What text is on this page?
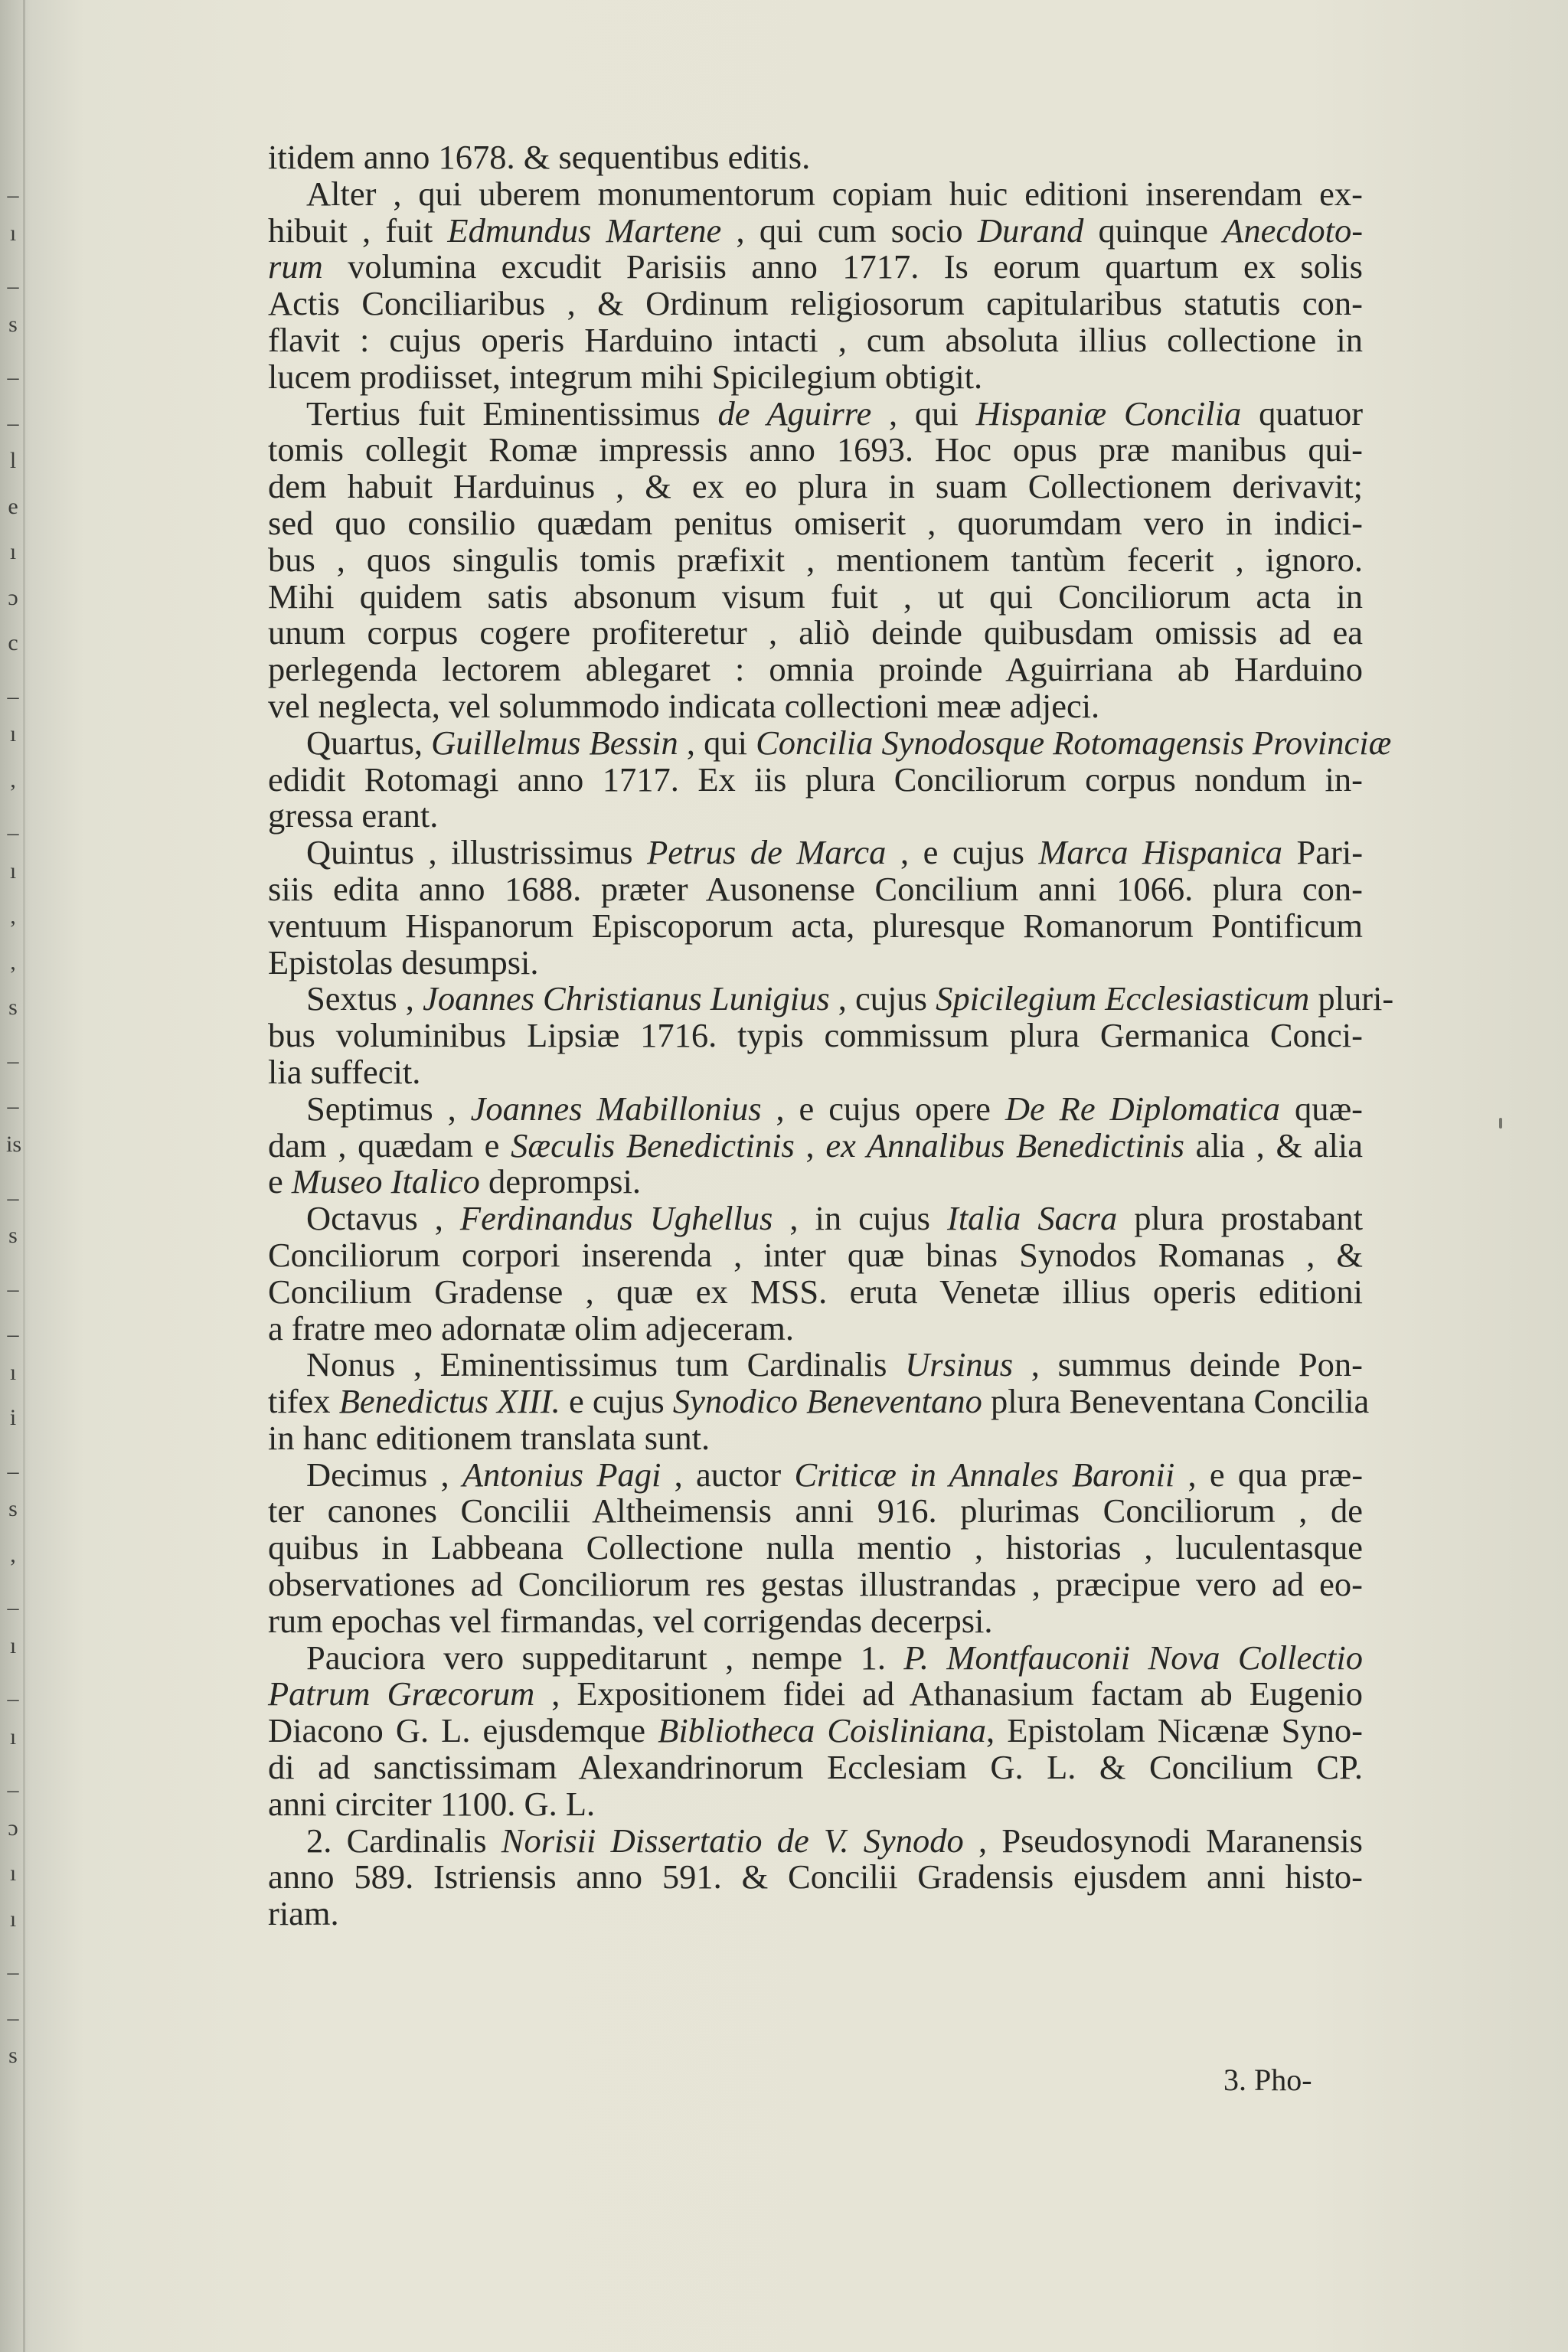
_
ı
_
s
_
_
l
e
ı
ɔ
c
_
ı
,
_
ı
,
,
s
_
_
is
_
s
_
_
ı
i
_
s
,
_
ı
_
ı
_
ɔ
ı
ı
_
_
s
itidem anno 1678. & sequentibus editis.
Alter , qui uberem monumentorum copiam huic editioni inserendam ex-
hibuit , fuit Edmundus Martene , qui cum socio Durand quinque Anecdoto-
rum volumina excudit Parisiis anno 1717. Is eorum quartum ex solis
Actis Conciliaribus , & Ordinum religiosorum capitularibus statutis con-
flavit : cujus operis Harduino intacti , cum absoluta illius collectione in
lucem prodiisset, integrum mihi Spicilegium obtigit.
Tertius fuit Eminentissimus de Aguirre , qui Hispaniæ Concilia quatuor
tomis collegit Romæ impressis anno 1693. Hoc opus præ manibus qui-
dem habuit Harduinus , & ex eo plura in suam Collectionem derivavit;
sed quo consilio quædam penitus omiserit , quorumdam vero in indici-
bus , quos singulis tomis præfixit , mentionem tantùm fecerit , ignoro.
Mihi quidem satis absonum visum fuit , ut qui Conciliorum acta in
unum corpus cogere profiteretur , aliò deinde quibusdam omissis ad ea
perlegenda lectorem ablegaret : omnia proinde Aguirriana ab Harduino
vel neglecta, vel solummodo indicata collectioni meæ adjeci.
Quartus, Guillelmus Bessin , qui Concilia Synodosque Rotomagensis Provinciæ
edidit Rotomagi anno 1717. Ex iis plura Conciliorum corpus nondum in-
gressa erant.
Quintus , illustrissimus Petrus de Marca , e cujus Marca Hispanica Pari-
siis edita anno 1688. præter Ausonense Concilium anni 1066. plura con-
ventuum Hispanorum Episcoporum acta, pluresque Romanorum Pontificum
Epistolas desumpsi.
Sextus , Joannes Christianus Lunigius , cujus Spicilegium Ecclesiasticum pluri-
bus voluminibus Lipsiæ 1716. typis commissum plura Germanica Conci-
lia suffecit.
Septimus , Joannes Mabillonius , e cujus opere De Re Diplomatica quæ-
dam , quædam e Sæculis Benedictinis , ex Annalibus Benedictinis alia , & alia
e Museo Italico deprompsi.
Octavus , Ferdinandus Ughellus , in cujus Italia Sacra plura prostabant
Conciliorum corpori inserenda , inter quæ binas Synodos Romanas , &
Concilium Gradense , quæ ex MSS. eruta Venetæ illius operis editioni
a fratre meo adornatæ olim adjeceram.
Nonus , Eminentissimus tum Cardinalis Ursinus , summus deinde Pon-
tifex Benedictus XIII. e cujus Synodico Beneventano plura Beneventana Concilia
in hanc editionem translata sunt.
Decimus , Antonius Pagi , auctor Criticæ in Annales Baronii , e qua præ-
ter canones Concilii Altheimensis anni 916. plurimas Conciliorum , de
quibus in Labbeana Collectione nulla mentio , historias , luculentasque
observationes ad Conciliorum res gestas illustrandas , præcipue vero ad eo-
rum epochas vel firmandas, vel corrigendas decerpsi.
Pauciora vero suppeditarunt , nempe 1. P. Montfauconii Nova Collectio
Patrum Græcorum , Expositionem fidei ad Athanasium factam ab Eugenio
Diacono G. L. ejusdemque Bibliotheca Coisliniana, Epistolam Nicænæ Syno-
di ad sanctissimam Alexandrinorum Ecclesiam G. L. & Concilium CP.
anni circiter 1100. G. L.
2. Cardinalis Norisii Dissertatio de V. Synodo , Pseudosynodi Maranensis
anno 589. Istriensis anno 591. & Concilii Gradensis ejusdem anni histo-
riam.
3. Pho-
